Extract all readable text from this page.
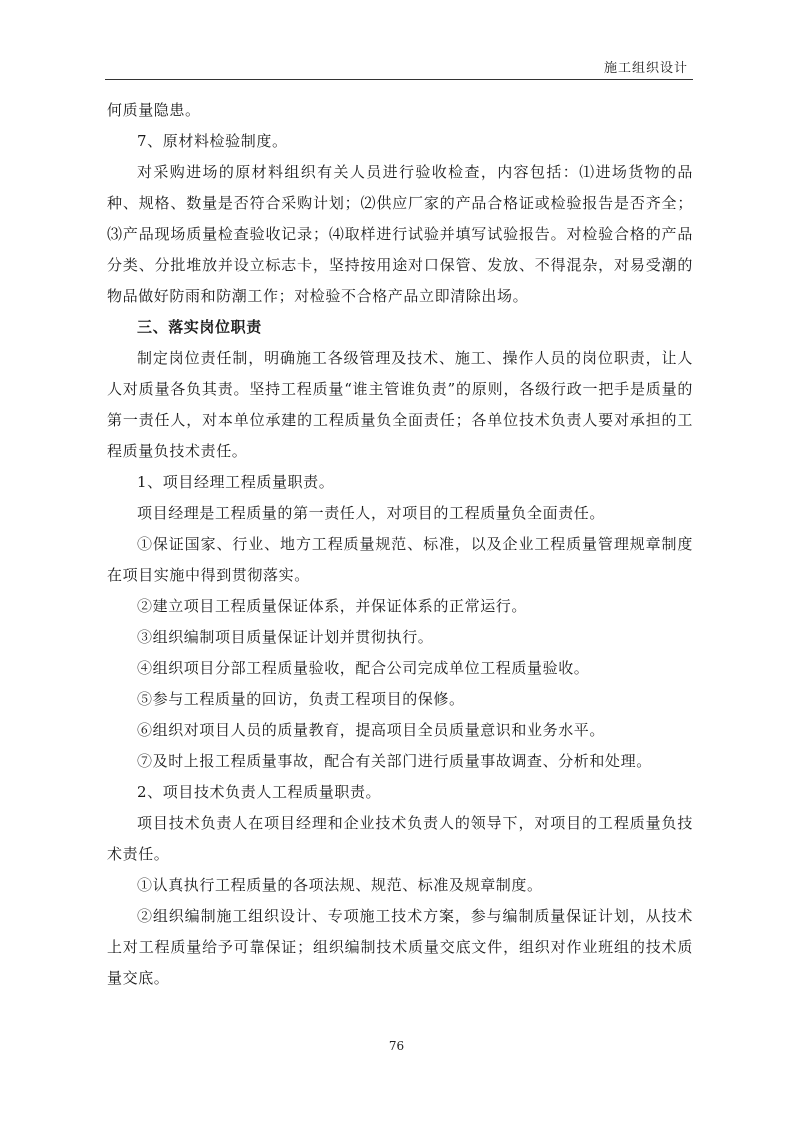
施工组织设计

何质量隐患。

7、原材料检验制度。

对采购进场的原材料组织有关人员进行验收检查，内容包括：⑴进场货物的品种、规格、数量是否符合采购计划；⑵供应厂家的产品合格证或检验报告是否齐全；⑶产品现场质量检查验收记录；⑷取样进行试验并填写试验报告。对检验合格的产品分类、分批堆放并设立标志卡，坚持按用途对口保管、发放、不得混杂，对易受潮的物品做好防雨和防潮工作；对检验不合格产品立即清除出场。

三、落实岗位职责

制定岗位责任制，明确施工各级管理及技术、施工、操作人员的岗位职责，让人人对质量各负其责。坚持工程质量“谁主管谁负责”的原则，各级行政一把手是质量的第一责任人，对本单位承建的工程质量负全面责任；各单位技术负责人要对承担的工程质量负技术责任。

1、项目经理工程质量职责。

项目经理是工程质量的第一责任人，对项目的工程质量负全面责任。

①保证国家、行业、地方工程质量规范、标准，以及企业工程质量管理规章制度在项目实施中得到贯彻落实。

②建立项目工程质量保证体系，并保证体系的正常运行。

③组织编制项目质量保证计划并贯彻执行。

④组织项目分部工程质量验收，配合公司完成单位工程质量验收。

⑤参与工程质量的回访，负责工程项目的保修。

⑥组织对项目人员的质量教育，提高项目全员质量意识和业务水平。

⑦及时上报工程质量事故，配合有关部门进行质量事故调查、分析和处理。

2、项目技术负责人工程质量职责。

项目技术负责人在项目经理和企业技术负责人的领导下，对项目的工程质量负技术责任。

①认真执行工程质量的各项法规、规范、标准及规章制度。

②组织编制施工组织设计、专项施工技术方案，参与编制质量保证计划，从技术上对工程质量给予可靠保证；组织编制技术质量交底文件，组织对作业班组的技术质量交底。

76
